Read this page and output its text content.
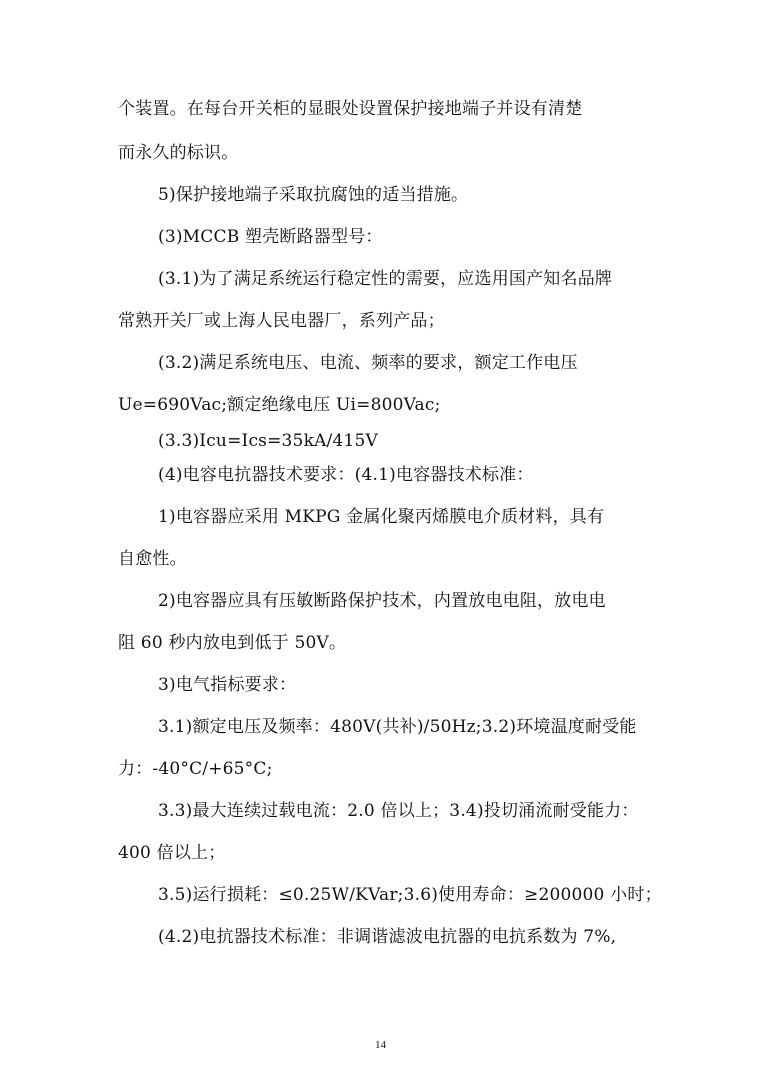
个装置。在每台开关柜的显眼处设置保护接地端子并设有清楚
而永久的标识。
5)保护接地端子采取抗腐蚀的适当措施。
(3)MCCB 塑壳断路器型号：
(3.1)为了满足系统运行稳定性的需要，应选用国产知名品牌
常熟开关厂或上海人民电器厂，系列产品；
(3.2)满足系统电压、电流、频率的要求，额定工作电压
Ue=690Vac;额定绝缘电压 Ui=800Vac;
(3.3)Icu=Ics=35kA/415V
(4)电容电抗器技术要求：(4.1)电容器技术标准：
1)电容器应采用 MKPG 金属化聚丙烯膜电介质材料，具有
自愈性。
2)电容器应具有压敏断路保护技术，内置放电电阻，放电电
阻 60 秒内放电到低于 50V。
3)电气指标要求：
3.1)额定电压及频率：480V(共补)/50Hz;3.2)环境温度耐受能
力：-40°C/+65°C;
3.3)最大连续过载电流：2.0 倍以上；3.4)投切涌流耐受能力：
400 倍以上；
3.5)运行损耗：≤0.25W/KVar;3.6)使用寿命：≥200000 小时；
(4.2)电抗器技术标准：非调谐滤波电抗器的电抗系数为 7%,
14
